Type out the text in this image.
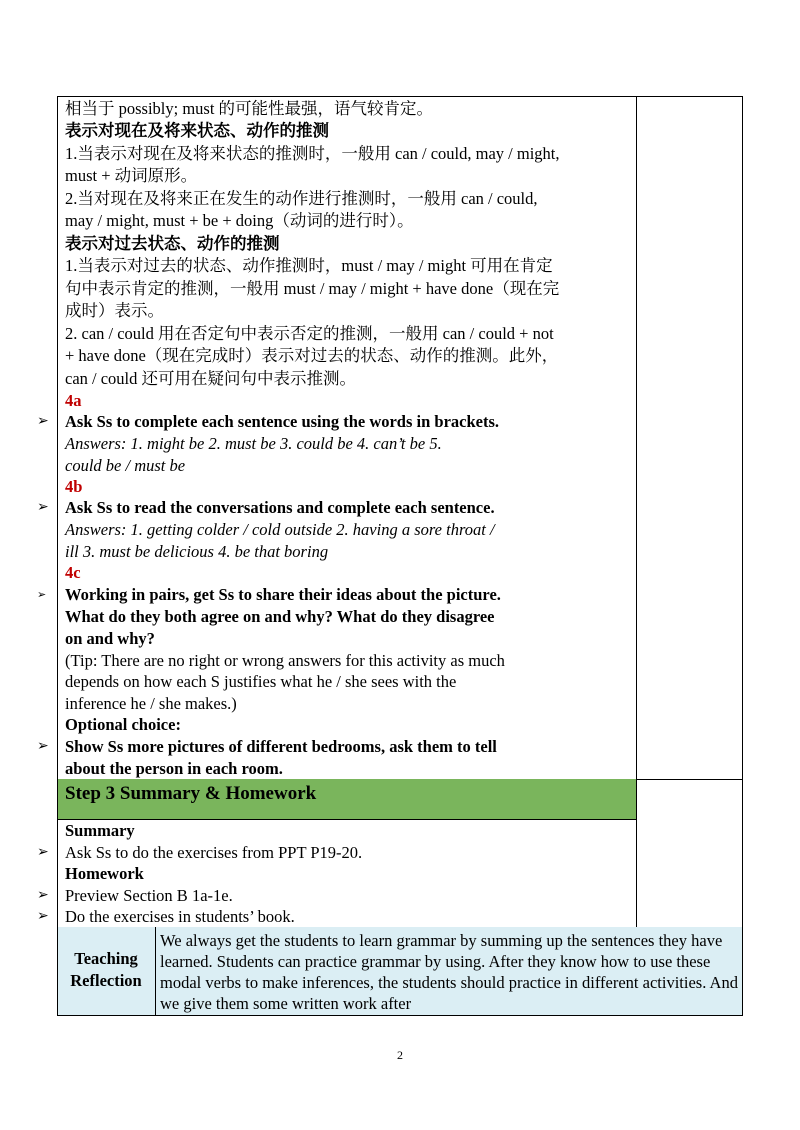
相当于 possibly; must 的可能性最强，语气较肯定。
表示对现在及将来状态、动作的推测
1.当表示对现在及将来状态的推测时，一般用 can / could, may / might,
must + 动词原形。
2.当对现在及将来正在发生的动作进行推测时，一般用 can / could,
may / might, must + be + doing（动词的进行时）。
表示对过去状态、动作的推测
1.当表示对过去的状态、动作推测时，must / may / might 可用在肯定
句中表示肯定的推测，一般用 must / may / might + have done（现在完
成时）表示。
2. can / could 用在否定句中表示否定的推测，一般用 can / could + not
+ have done（现在完成时）表示对过去的状态、动作的推测。此外，
can / could 还可用在疑问句中表示推测。
4a
Ask Ss to complete each sentence using the words in brackets.
Answers: 1. might be 2. must be 3. could be 4. can’t be 5.
could be / must be
4b
Ask Ss to read the conversations and complete each sentence.
Answers: 1. getting colder / cold outside 2. having a sore throat /
ill 3. must be delicious 4. be that boring
4c
Working in pairs, get Ss to share their ideas about the picture.
What do they both agree on and why? What do they disagree
on and why?
(Tip: There are no right or wrong answers for this activity as much
depends on how each S justifies what he / she sees with the
inference he / she makes.)
Optional choice:
Show Ss more pictures of different bedrooms, ask them to tell
about the person in each room.
Summary
Ask Ss to do the exercises from PPT P19-20.
Homework
Preview Section B 1a-1e.
Do the exercises in students’ book.
➢
➢
➢
➢
➢
➢
➢
Step 3 Summary & Homework
Teaching
Reflection
We always get the students to learn grammar by summing up the sentences they have learned. Students can practice grammar by using. After they know how to use these modal verbs to make inferences, the students should practice in different activities. And we give them some written work after
2
